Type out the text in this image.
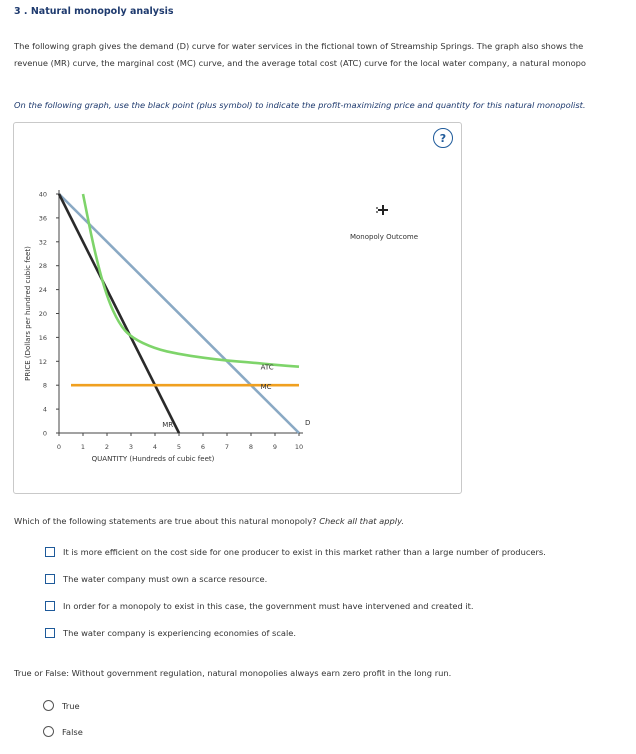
3 . Natural monopoly analysis
The following graph gives the demand (D) curve for water services in the fictional town of Streamship Springs. The graph also shows the
revenue (MR) curve, the marginal cost (MC) curve, and the average total cost (ATC) curve for the local water company, a natural monopo
On the following graph, use the black point (plus symbol) to indicate the profit-maximizing price and quantity for this natural monopolist.
?
0
4
8
12
16
20
24
28
32
36
40
0	1	2	3	4	5	6	7	8	9	10
QUANTITY (Hundreds of cubic feet)
PRICE (Dollars per hundred cubic feet)
D
MR
MC
ATC
Monopoly Outcome
Which of the following statements are true about this natural monopoly? Check all that apply.
It is more efficient on the cost side for one producer to exist in this market rather than a large number of producers.
The water company must own a scarce resource.
In order for a monopoly to exist in this case, the government must have intervened and created it.
The water company is experiencing economies of scale.
True or False: Without government regulation, natural monopolies always earn zero profit in the long run.
True
False
